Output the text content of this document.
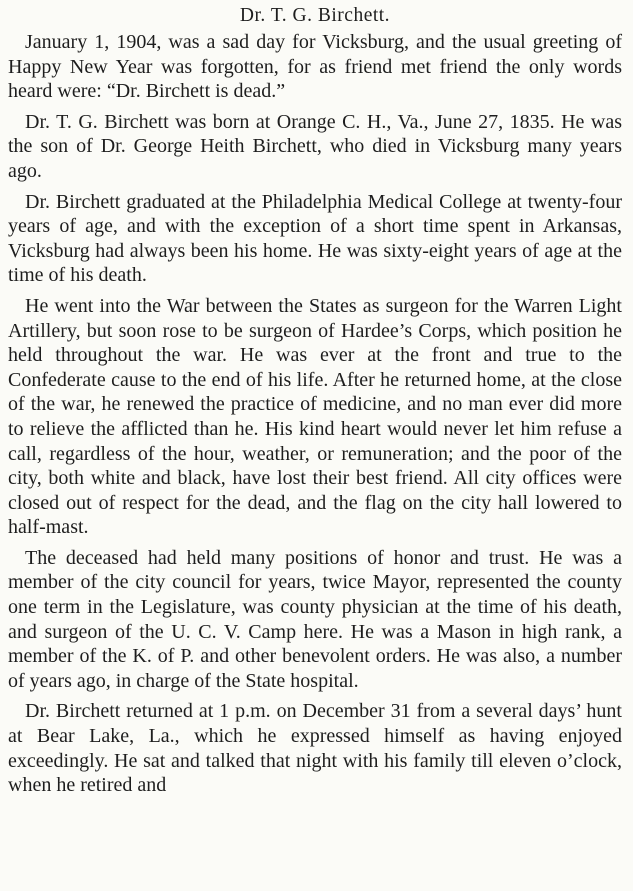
Dr. T. G. Birchett.

January 1, 1904, was a sad day for Vicksburg, and the usual greeting of Happy New Year was forgotten, for as friend met friend the only words heard were: “Dr. Birchett is dead.”

Dr. T. G. Birchett was born at Orange C. H., Va., June 27, 1835. He was the son of Dr. George Heith Birchett, who died in Vicksburg many years ago.

Dr. Birchett graduated at the Philadelphia Medical College at twenty-four years of age, and with the exception of a short time spent in Arkansas, Vicksburg had always been his home. He was sixty-eight years of age at the time of his death.

He went into the War between the States as surgeon for the Warren Light Artillery, but soon rose to be surgeon of Hardee’s Corps, which position he held throughout the war. He was ever at the front and true to the Confederate cause to the end of his life. After he returned home, at the close of the war, he renewed the practice of medicine, and no man ever did more to relieve the afflicted than he. His kind heart would never let him refuse a call, regardless of the hour, weather, or remuneration; and the poor of the city, both white and black, have lost their best friend. All city offices were closed out of respect for the dead, and the flag on the city hall lowered to half-mast.

The deceased had held many positions of honor and trust. He was a member of the city council for years, twice Mayor, represented the county one term in the Legislature, was county physician at the time of his death, and surgeon of the U. C. V. Camp here. He was a Mason in high rank, a member of the K. of P. and other benevolent orders. He was also, a number of years ago, in charge of the State hospital.

Dr. Birchett returned at 1 p.m. on December 31 from a several days’ hunt at Bear Lake, La., which he expressed himself as having enjoyed exceedingly. He sat and talked that night with his family till eleven o’clock, when he retired and
